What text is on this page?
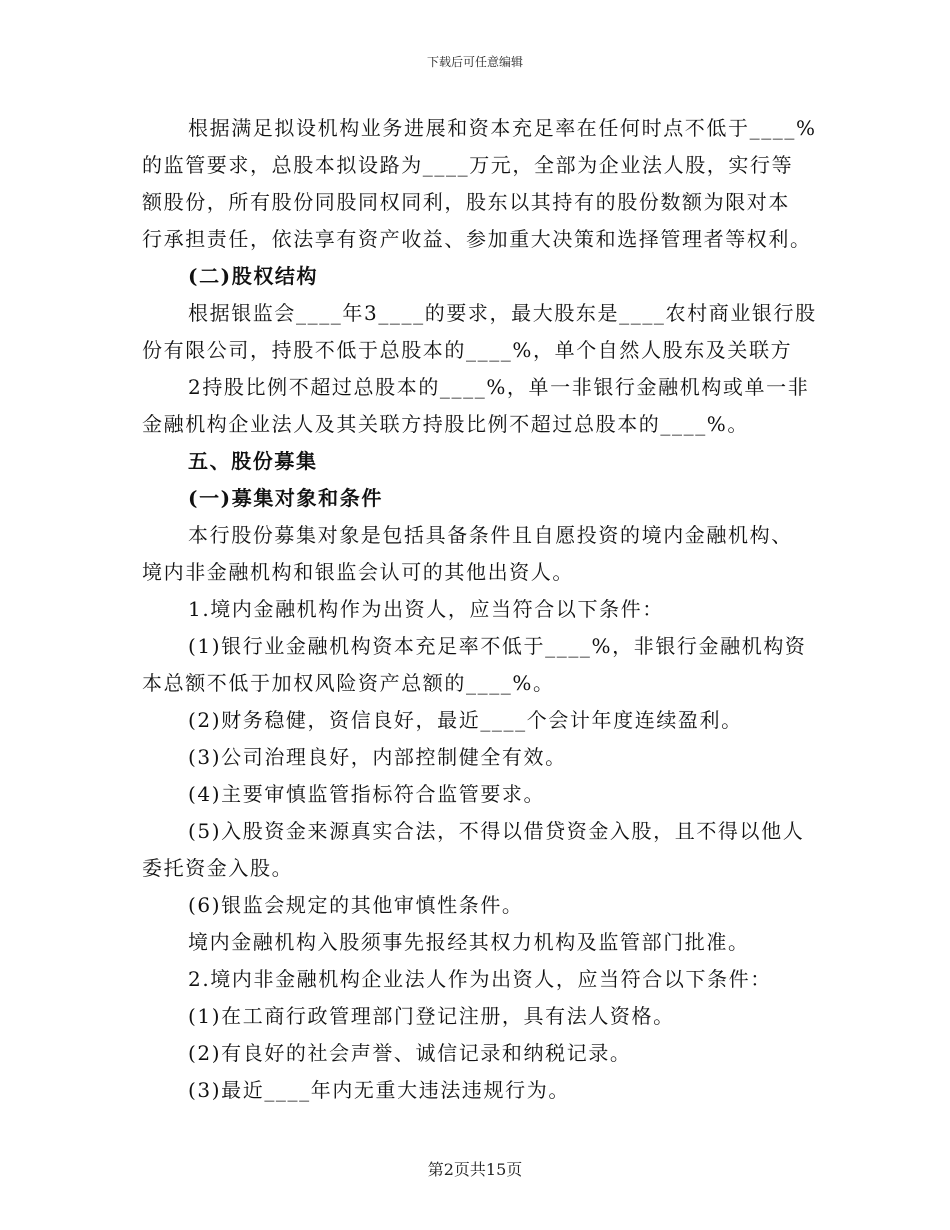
下载后可任意编辑
根据满足拟设机构业务进展和资本充足率在任何时点不低于____%
的监管要求，总股本拟设路为____万元，全部为企业法人股，实行等
额股份，所有股份同股同权同利，股东以其持有的股份数额为限对本
行承担责任，依法享有资产收益、参加重大决策和选择管理者等权利。
(二)股权结构
根据银监会____年3____的要求，最大股东是____农村商业银行股
份有限公司，持股不低于总股本的____%，单个自然人股东及关联方
2持股比例不超过总股本的____%，单一非银行金融机构或单一非
金融机构企业法人及其关联方持股比例不超过总股本的____%。
五、股份募集
(一)募集对象和条件
本行股份募集对象是包括具备条件且自愿投资的境内金融机构、
境内非金融机构和银监会认可的其他出资人。
1.境内金融机构作为出资人，应当符合以下条件：
(1)银行业金融机构资本充足率不低于____%，非银行金融机构资
本总额不低于加权风险资产总额的____%。
(2)财务稳健，资信良好，最近____个会计年度连续盈利。
(3)公司治理良好，内部控制健全有效。
(4)主要审慎监管指标符合监管要求。
(5)入股资金来源真实合法，不得以借贷资金入股，且不得以他人
委托资金入股。
(6)银监会规定的其他审慎性条件。
境内金融机构入股须事先报经其权力机构及监管部门批准。
2.境内非金融机构企业法人作为出资人，应当符合以下条件：
(1)在工商行政管理部门登记注册，具有法人资格。
(2)有良好的社会声誉、诚信记录和纳税记录。
(3)最近____年内无重大违法违规行为。
第2页共15页
